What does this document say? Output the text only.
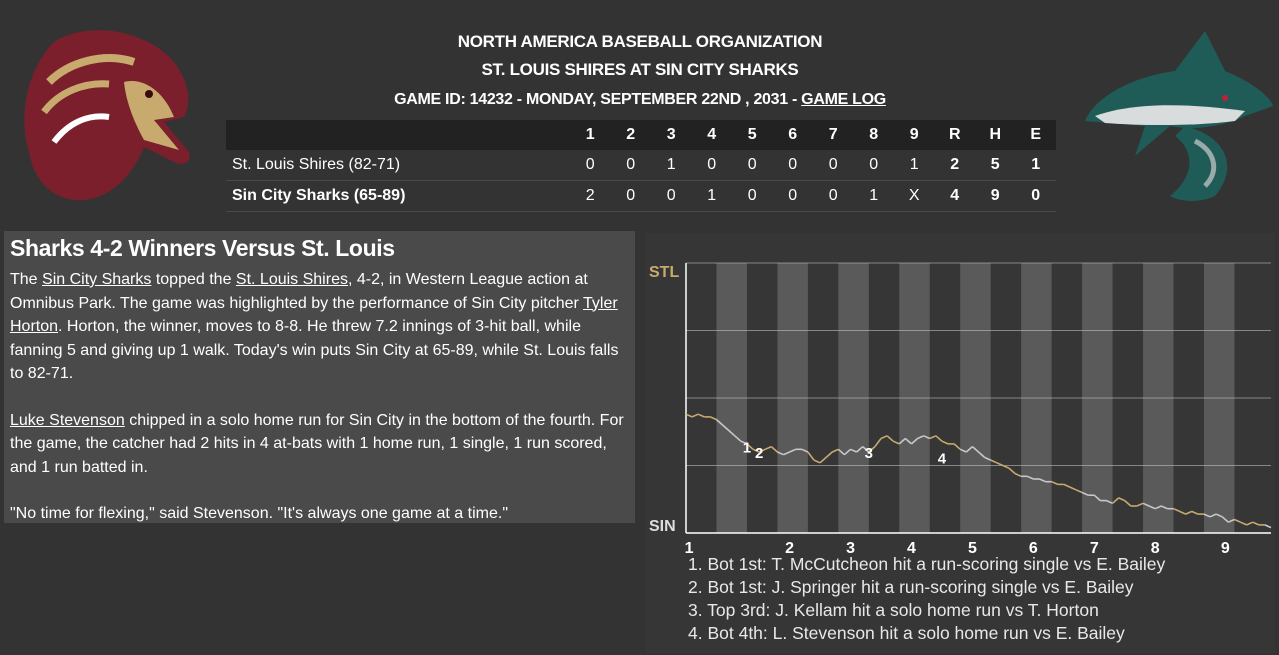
NORTH AMERICA BASEBALL ORGANIZATION
ST. LOUIS SHIRES AT SIN CITY SHARKS
GAME ID: 14232 - MONDAY, SEPTEMBER 22ND , 2031 - GAME LOG
	1	2	3	4	5	6	7	8	9	R	H	E
St. Louis Shires (82-71)	0	0	1	0	0	0	0	0	1	2	5	1
Sin City Sharks (65-89)	2	0	0	1	0	0	0	1	X	4	9	0
Sharks 4-2 Winners Versus St. Louis

The Sin City Sharks topped the St. Louis Shires, 4-2, in Western League action at Omnibus Park. The game was highlighted by the performance of Sin City pitcher Tyler Horton. Horton, the winner, moves to 8-8. He threw 7.2 innings of 3-hit ball, while fanning 5 and giving up 1 walk. Today's win puts Sin City at 65-89, while St. Louis falls to 82-71.

Luke Stevenson chipped in a solo home run for Sin City in the bottom of the fourth. For the game, the catcher had 2 hits in 4 at-bats with 1 home run, 1 single, 1 run scored, and 1 run batted in.

"No time for flexing," said Stevenson. "It's always one game at a time."

STL
SIN
1	2	3	4	5	6	7	8	9
1 2	3	4
1. Bot 1st: T. McCutcheon hit a run-scoring single vs E. Bailey
2. Bot 1st: J. Springer hit a run-scoring single vs E. Bailey
3. Top 3rd: J. Kellam hit a solo home run vs T. Horton
4. Bot 4th: L. Stevenson hit a solo home run vs E. Bailey
